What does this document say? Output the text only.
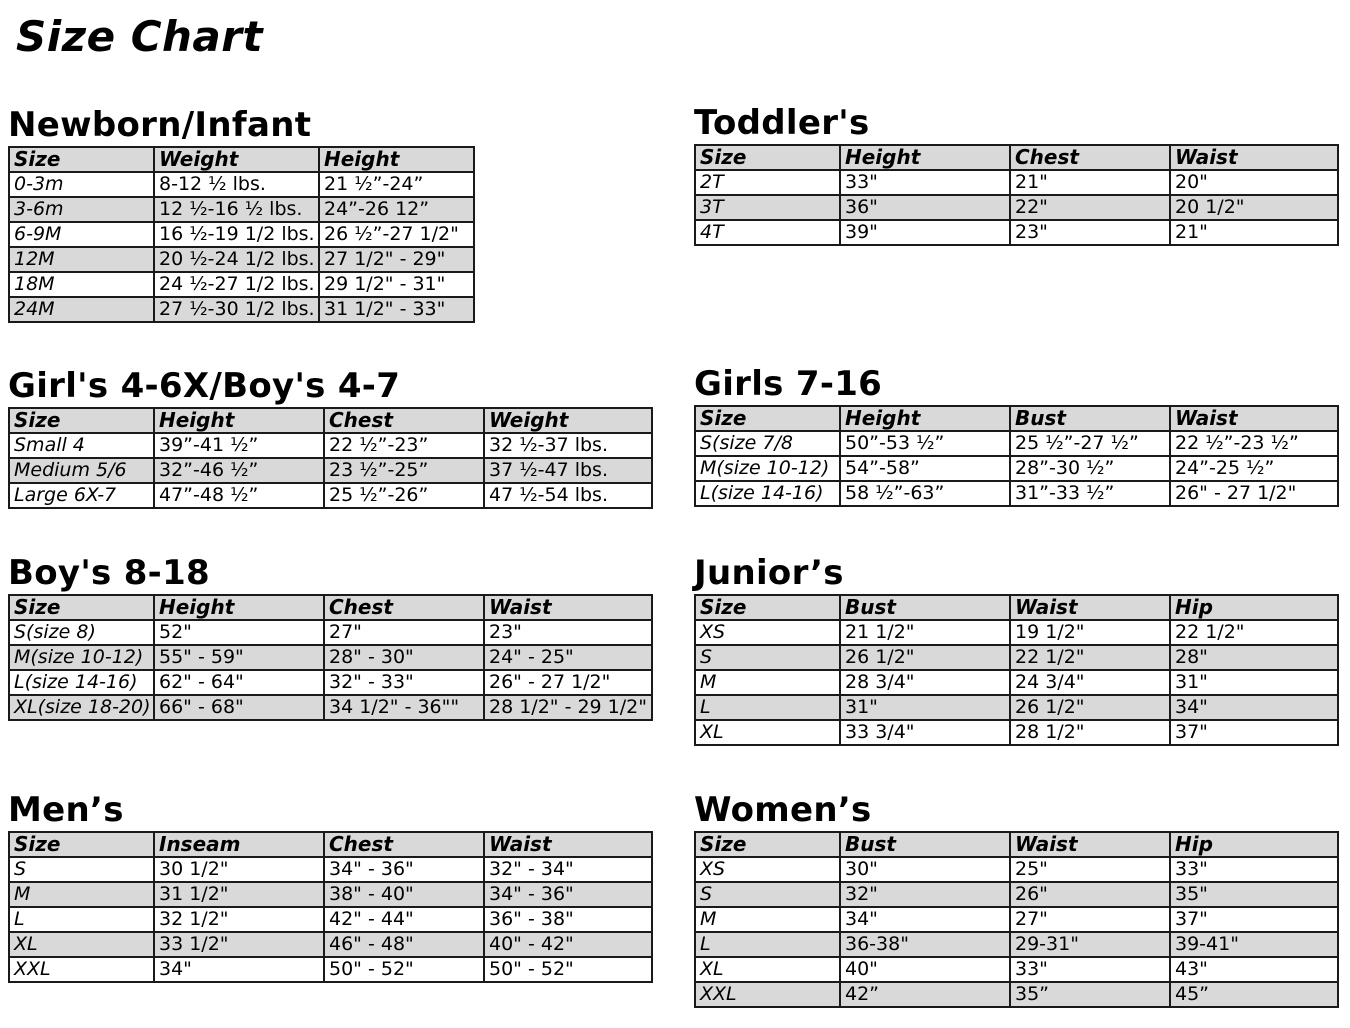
Size Chart
Newborn/Infant
Size	Weight	Height
0-3m	8-12 ½ lbs.	21 ½”-24”
3-6m	12 ½-16 ½ lbs.	24”-26 12”
6-9M	16 ½-19 1/2 lbs.	26 ½”-27 1/2"
12M	20 ½-24 1/2 lbs.	27 1/2" - 29"
18M	24 ½-27 1/2 lbs.	29 1/2" - 31"
24M	27 ½-30 1/2 lbs.	31 1/2" - 33"
Toddler's
Size	Height	Chest	Waist
2T	33"	21"	20"
3T	36"	22"	20 1/2"
4T	39"	23"	21"
Girl's 4-6X/Boy's 4-7
Size	Height	Chest	Weight
Small 4	39”-41 ½”	22 ½”-23”	32 ½-37 lbs.
Medium 5/6	32”-46 ½”	23 ½”-25”	37 ½-47 lbs.
Large 6X-7	47”-48 ½”	25 ½”-26”	47 ½-54 lbs.
Girls 7-16
Size	Height	Bust	Waist
S(size 7/8	50”-53 ½”	25 ½”-27 ½”	22 ½”-23 ½”
M(size 10-12)	54”-58”	28”-30 ½”	24”-25 ½”
L(size 14-16)	58 ½”-63”	31”-33 ½”	26" - 27 1/2"
Boy's 8-18
Size	Height	Chest	Waist
S(size 8)	52"	27"	23"
M(size 10-12)	55" - 59"	28" - 30"	24" - 25"
L(size 14-16)	62" - 64"	32" - 33"	26" - 27 1/2"
XL(size 18-20)	66" - 68"	34 1/2" - 36""	28 1/2" - 29 1/2"
Junior’s
Size	Bust	Waist	Hip
XS	21 1/2"	19 1/2"	22 1/2"
S	26 1/2"	22 1/2"	28"
M	28 3/4"	24 3/4"	31"
L	31"	26 1/2"	34"
XL	33 3/4"	28 1/2"	37"
Men’s
Size	Inseam	Chest	Waist
S	30 1/2"	34" - 36"	32" - 34"
M	31 1/2"	38" - 40"	34" - 36"
L	32 1/2"	42" - 44"	36" - 38"
XL	33 1/2"	46" - 48"	40" - 42"
XXL	34"	50" - 52"	50" - 52"
Women’s
Size	Bust	Waist	Hip
XS	30"	25"	33"
S	32"	26"	35"
M	34"	27"	37"
L	36-38"	29-31"	39-41"
XL	40"	33"	43"
XXL	42”	35”	45”
